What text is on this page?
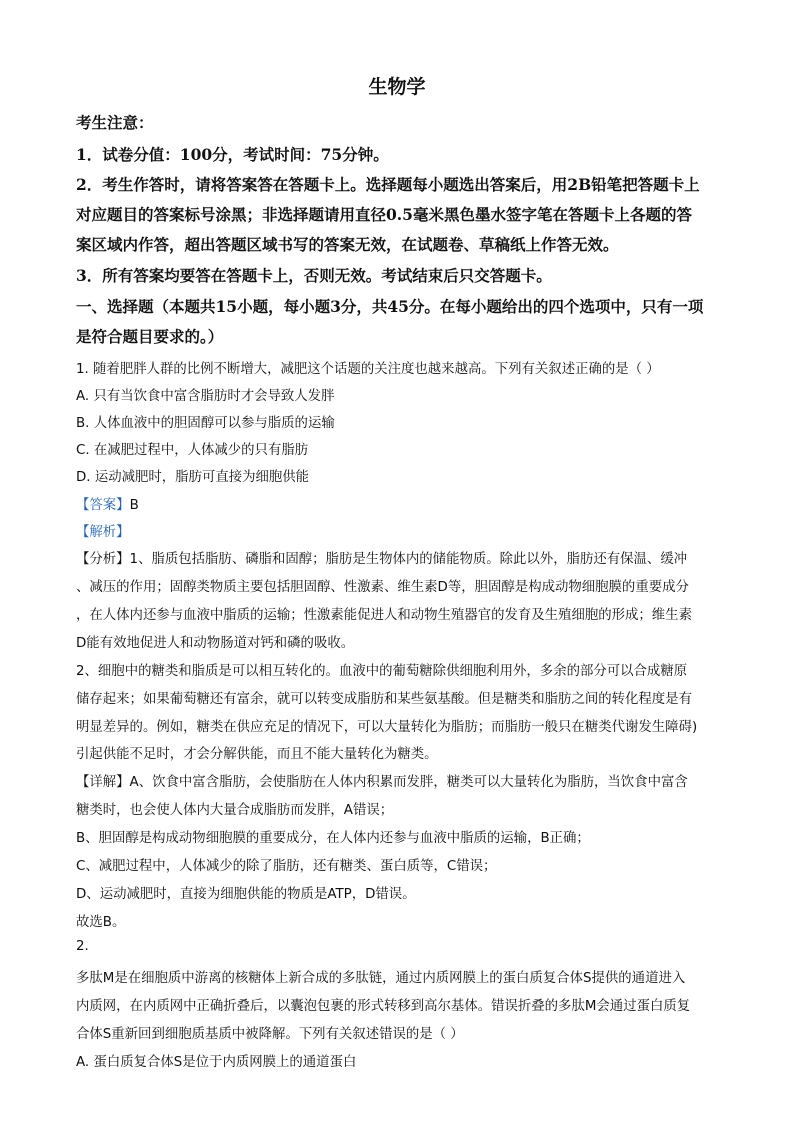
生物学
考生注意：
1．试卷分值：100分，考试时间：75分钟。
2．考生作答时，请将答案答在答题卡上。选择题每小题选出答案后，用2B铅笔把答题卡上
对应题目的答案标号涂黑；非选择题请用直径0.5毫米黑色墨水签字笔在答题卡上各题的答
案区域内作答，超出答题区域书写的答案无效，在试题卷、草稿纸上作答无效。
3．所有答案均要答在答题卡上，否则无效。考试结束后只交答题卡。
一、选择题（本题共15小题，每小题3分，共45分。在每小题给出的四个选项中，只有一项
是符合题目要求的。）
1. 随着肥胖人群的比例不断增大，减肥这个话题的关注度也越来越高。下列有关叙述正确的是（ ）
A. 只有当饮食中富含脂肪时才会导致人发胖
B. 人体血液中的胆固醇可以参与脂质的运输
C. 在减肥过程中，人体减少的只有脂肪
D. 运动减肥时，脂肪可直接为细胞供能
【答案】B
【解析】
【分析】1、脂质包括脂肪、磷脂和固醇；脂肪是生物体内的储能物质。除此以外，脂肪还有保温、缓冲
、减压的作用；固醇类物质主要包括胆固醇、性激素、维生素D等，胆固醇是构成动物细胞膜的重要成分
，在人体内还参与血液中脂质的运输；性激素能促进人和动物生殖器官的发育及生殖细胞的形成；维生素
D能有效地促进人和动物肠道对钙和磷的吸收。
2、细胞中的糖类和脂质是可以相互转化的。血液中的葡萄糖除供细胞利用外，多余的部分可以合成糖原
储存起来；如果葡萄糖还有富余，就可以转变成脂肪和某些氨基酸。但是糖类和脂肪之间的转化程度是有
明显差异的。例如，糖类在供应充足的情况下，可以大量转化为脂肪；而脂肪一般只在糖类代谢发生障碍)
引起供能不足时，才会分解供能，而且不能大量转化为糖类。
【详解】A、饮食中富含脂肪，会使脂肪在人体内积累而发胖，糖类可以大量转化为脂肪，当饮食中富含
糖类时，也会使人体内大量合成脂肪而发胖，A错误；
B、胆固醇是构成动物细胞膜的重要成分，在人体内还参与血液中脂质的运输，B正确；
C、减肥过程中，人体减少的除了脂肪，还有糖类、蛋白质等，C错误；
D、运动减肥时，直接为细胞供能的物质是ATP，D错误。
故选B。
2.
多肽M是在细胞质中游离的核糖体上新合成的多肽链，通过内质网膜上的蛋白质复合体S提供的通道进入
内质网，在内质网中正确折叠后，以囊泡包裹的形式转移到高尔基体。错误折叠的多肽M会通过蛋白质复
合体S重新回到细胞质基质中被降解。下列有关叙述错误的是（ ）
A. 蛋白质复合体S是位于内质网膜上的通道蛋白
